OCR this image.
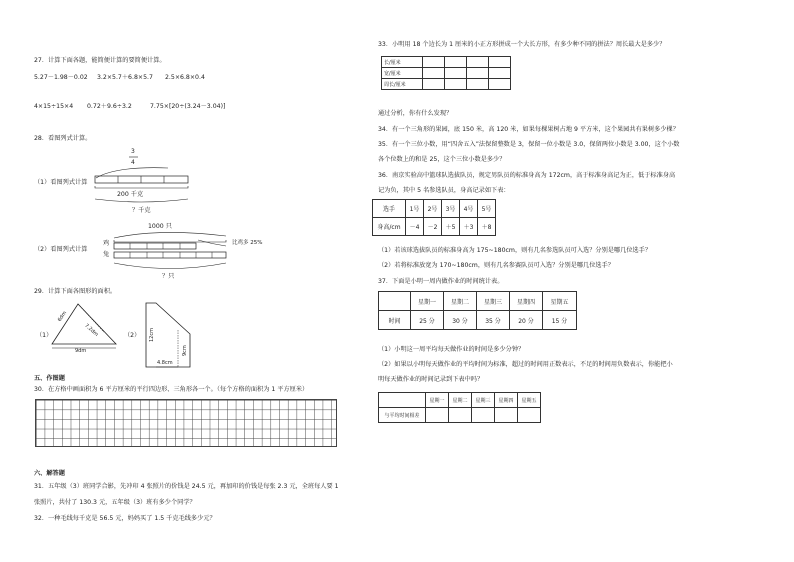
27．计算下面各题，能简便计算的要简便计算。
5.27－1.98－0.02 3.2×5.7＋6.8×5.7 2.5×6.8×0.4
4×15÷15×4 0.72＋9.6÷3.2	7.75×[20÷(3.24－3.04)]
28．看图列式计算。
3
4
（1）看图列式计算
200 千克
？千克
1000 只
（2）看图列式计算
鸡
兔
比鸡多 25%
？只
29．计算下面各图形的面积。
（1）	（2）
6dm
7.2dm
9dm
12cm
9cm
4.8cm
五、作图题
30．在方格中画面积为 6 平方厘米的平行四边形、三角形各一个。（每个方格的面积为 1 平方厘米）
六、解答题
31．五年级（3）班同学合影，先冲印 4 张照片的价钱是 24.5 元，再加印的价钱是每张 2.3 元，全班每人要 1
张照片，共付了 130.3 元，五年级（3）班有多少个同学？
32．一种毛线每千克是 56.5 元，妈妈买了 1.5 千克毛线多少元？
33．小明用 18 个边长为 1 厘米的小正方形拼成一个大长方形，有多少种不同的拼法？周长最大是多少？
长/厘米				
宽/厘米				
周长/厘米				
通过分析，你有什么发现？
34．有一个三角形的果园，底 150 米，高 120 米，如果每棵果树占地 9 平方米，这个果园共有果树多少棵？
35．有一个三位小数，用“四舍五入”法保留整数是 3，保留一位小数是 3.0，保留两位小数是 3.00，这个小数
各个位数上的和是 25，这个三位小数是多少？
36．南京实验高中篮球队选拔队员，规定男队员的标准身高为 172cm，高于标准身高记为正，低于标准身高
记为负，其中 5 名参选队员，身高记录如下表：
选手	1号	2号	3号	4号	5号
身高/cm	－4	－2	＋5	＋3	＋8
（1）若该球选拔队员的标准身高为 175~180cm，则有几名参选队员可入选？分别是哪几位选手？
（2）若将标准放宽为 170~180cm，则有几名参赛队员可入选？分别是哪几位选手？
37．下面是小明一周内做作业的时间统计表。
	星期一	星期二	星期三	星期四	星期五
时间	25 分	30 分	35 分	20 分	15 分
（1）小明这一周平均每天做作业的时间是多少分钟？
（2）如果以小明每天做作业的平均时间为标准，超过的时间用正数表示，不足的时间用负数表示，你能把小
明每天做作业的时间记录到下表中吗？
	星期一	星期二	星期三	星期四	星期五
与平均时间相差					
